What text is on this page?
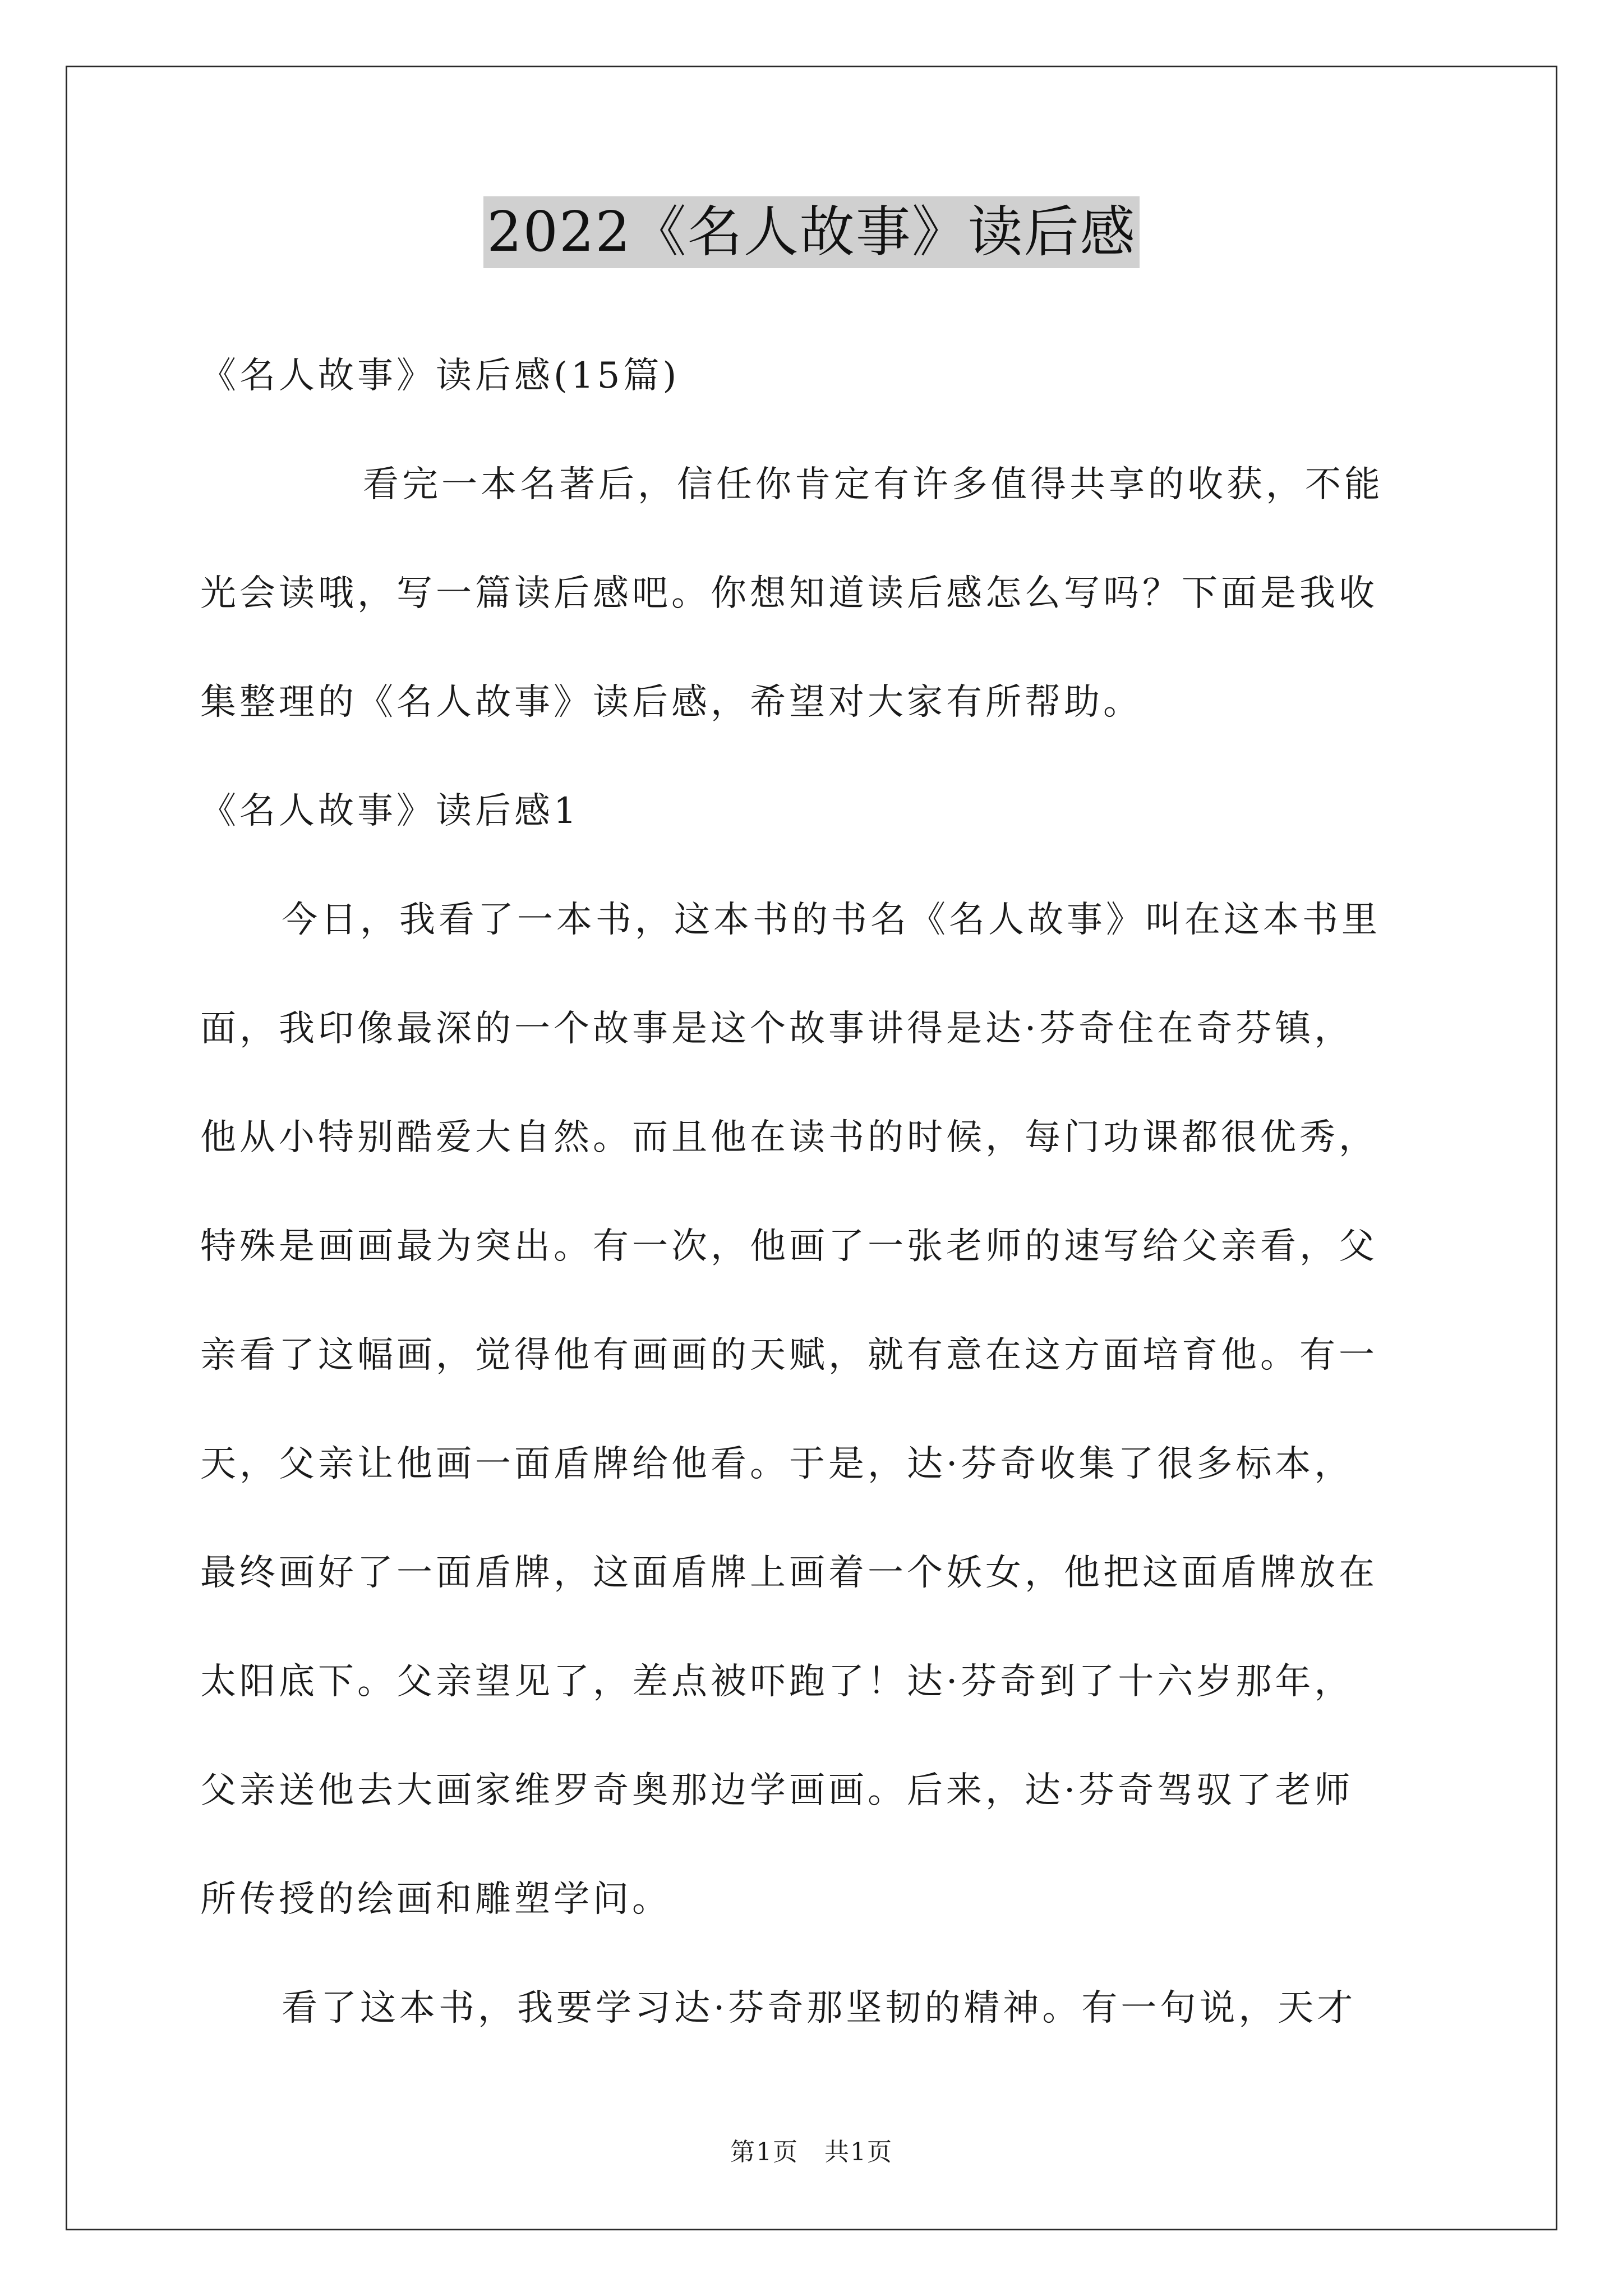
2022《名人故事》读后感
《名人故事》读后感(15篇)
看完一本名著后，信任你肯定有许多值得共享的收获，不能
光会读哦，写一篇读后感吧。你想知道读后感怎么写吗？下面是我收
集整理的《名人故事》读后感，希望对大家有所帮助。
《名人故事》读后感1
今日，我看了一本书，这本书的书名《名人故事》叫在这本书里
面，我印像最深的一个故事是这个故事讲得是达·芬奇住在奇芬镇，
他从小特别酷爱大自然。而且他在读书的时候，每门功课都很优秀，
特殊是画画最为突出。有一次，他画了一张老师的速写给父亲看，父
亲看了这幅画，觉得他有画画的天赋，就有意在这方面培育他。有一
天，父亲让他画一面盾牌给他看。于是，达·芬奇收集了很多标本，
最终画好了一面盾牌，这面盾牌上画着一个妖女，他把这面盾牌放在
太阳底下。父亲望见了，差点被吓跑了！达·芬奇到了十六岁那年，
父亲送他去大画家维罗奇奥那边学画画。后来，达·芬奇驾驭了老师
所传授的绘画和雕塑学问。
看了这本书，我要学习达·芬奇那坚韧的精神。有一句说，天才
第1页　共1页
